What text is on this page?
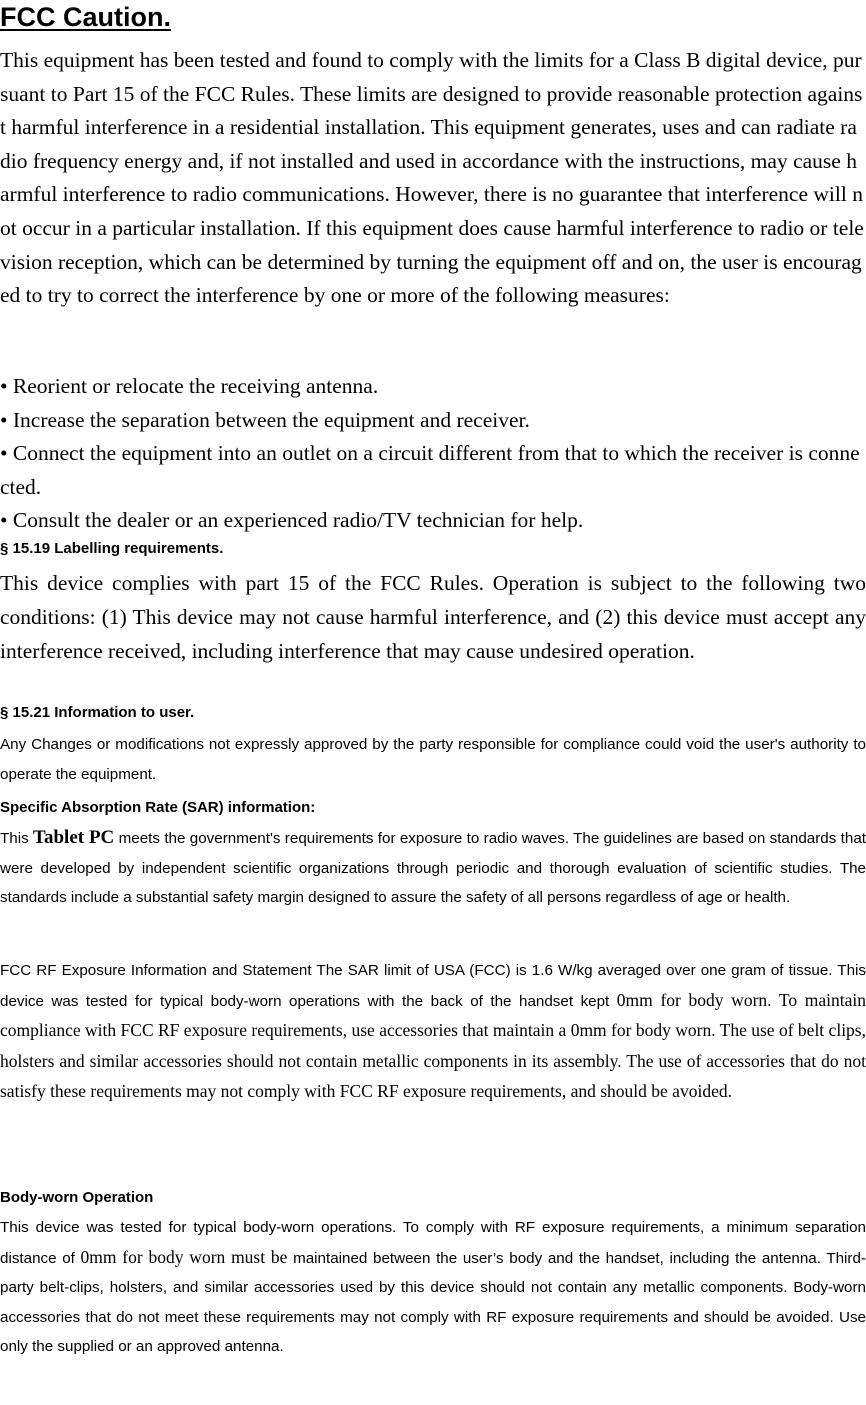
FCC Caution.

This equipment has been tested and found to comply with the limits for a Class B digital device, pursuant to Part 15 of the FCC Rules. These limits are designed to provide reasonable protection against harmful interference in a residential installation. This equipment generates, uses and can radiate radio frequency energy and, if not installed and used in accordance with the instructions, may cause harmful interference to radio communications. However, there is no guarantee that interference will not occur in a particular installation. If this equipment does cause harmful interference to radio or television reception, which can be determined by turning the equipment off and on, the user is encouraged to try to correct the interference by one or more of the following measures:

• Reorient or relocate the receiving antenna.
• Increase the separation between the equipment and receiver.
• Connect the equipment into an outlet on a circuit different from that to which the receiver is connected.
• Consult the dealer or an experienced radio/TV technician for help.
§ 15.19 Labelling requirements.

This device complies with part 15 of the FCC Rules. Operation is subject to the following two conditions: (1) This device may not cause harmful interference, and (2) this device must accept any interference received, including interference that may cause undesired operation.

§ 15.21 Information to user.

Any Changes or modifications not expressly approved by the party responsible for compliance could void the user's authority to operate the equipment.

Specific Absorption Rate (SAR) information:

This Tablet PC meets the government's requirements for exposure to radio waves. The guidelines are based on standards that were developed by independent scientific organizations through periodic and thorough evaluation of scientific studies. The standards include a substantial safety margin designed to assure the safety of all persons regardless of age or health.

FCC RF Exposure Information and Statement The SAR limit of USA (FCC) is 1.6 W/kg averaged over one gram of tissue. This device was tested for typical body-worn operations with the back of the handset kept 0mm for body worn. To maintain compliance with FCC RF exposure requirements, use accessories that maintain a 0mm for body worn. The use of belt clips, holsters and similar accessories should not contain metallic components in its assembly. The use of accessories that do not satisfy these requirements may not comply with FCC RF exposure requirements, and should be avoided.

Body-worn Operation

This device was tested for typical body-worn operations. To comply with RF exposure requirements, a minimum separation distance of 0mm for body worn must be maintained between the user’s body and the handset, including the antenna. Third-party belt-clips, holsters, and similar accessories used by this device should not contain any metallic components. Body-worn accessories that do not meet these requirements may not comply with RF exposure requirements and should be avoided. Use only the supplied or an approved antenna.
